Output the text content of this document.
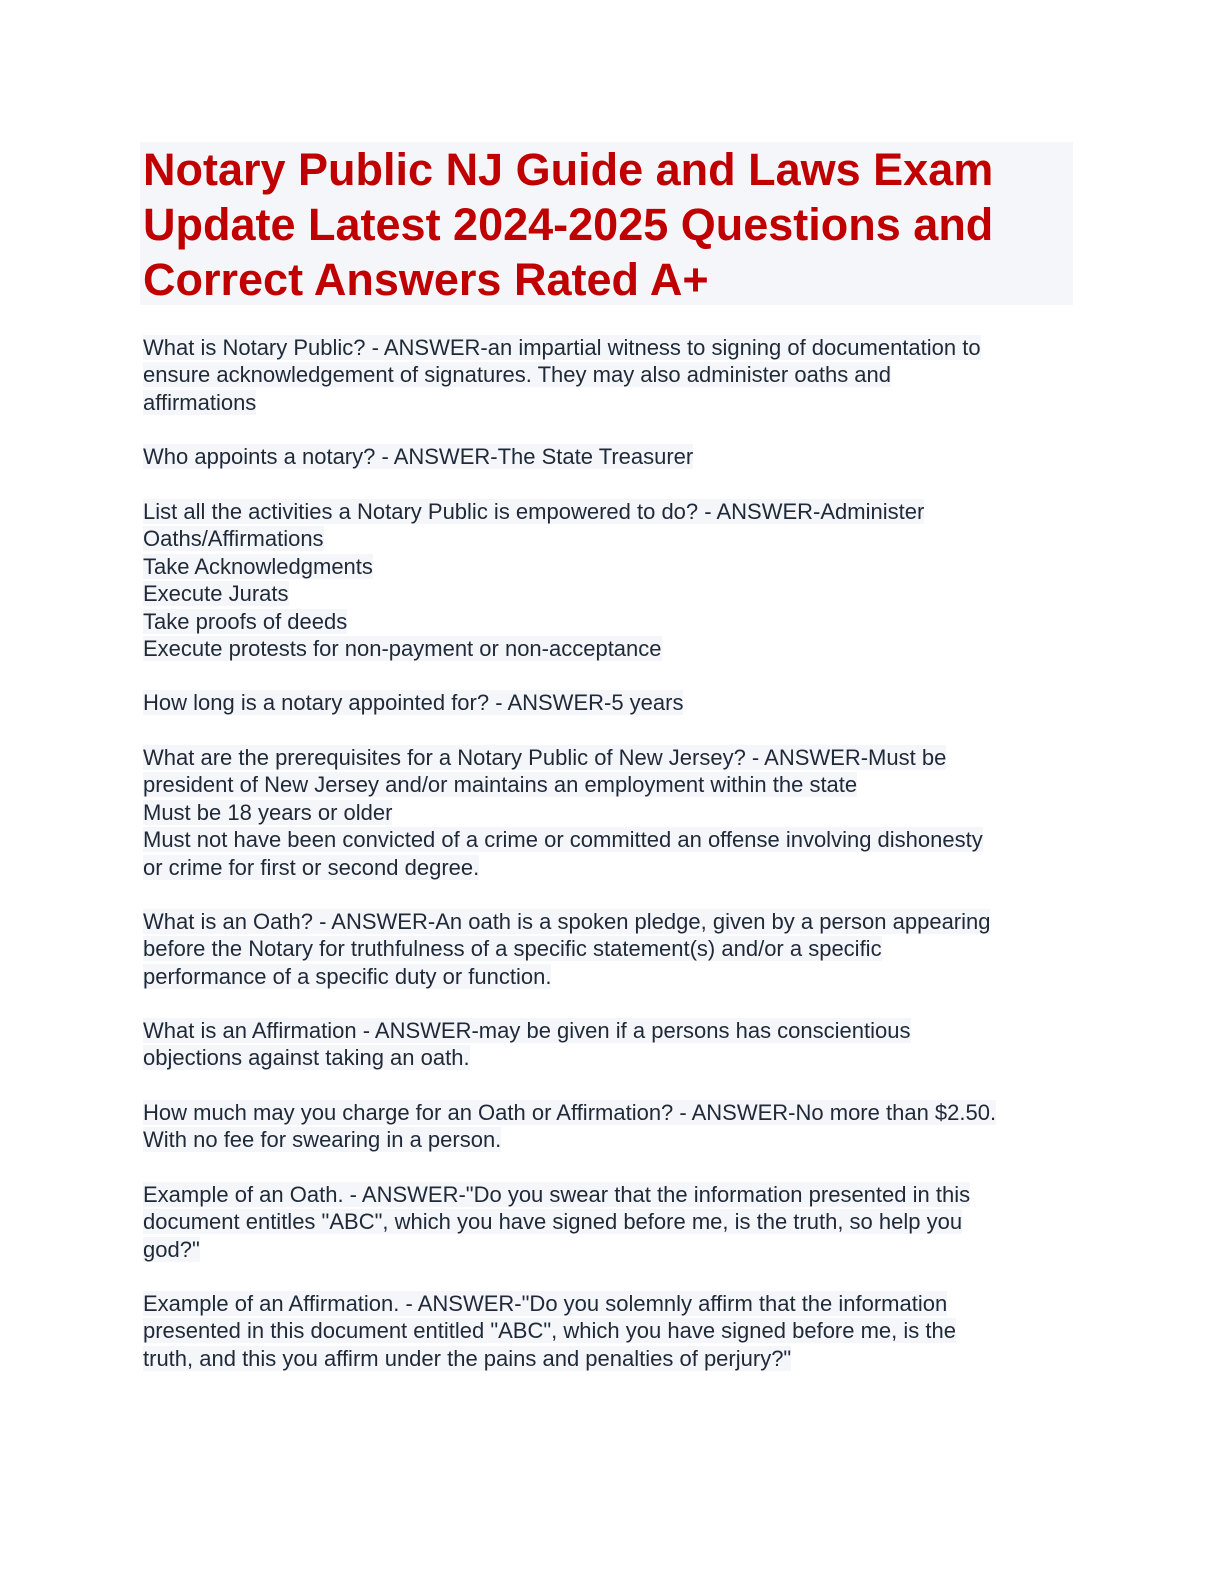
Notary Public NJ Guide and Laws Exam
Update Latest 2024-2025 Questions and
Correct Answers Rated A+
What is Notary Public? - ANSWER-an impartial witness to signing of documentation to
ensure acknowledgement of signatures. They may also administer oaths and
affirmations
Who appoints a notary? - ANSWER-The State Treasurer
List all the activities a Notary Public is empowered to do? - ANSWER-Administer
Oaths/Affirmations
Take Acknowledgments
Execute Jurats
Take proofs of deeds
Execute protests for non-payment or non-acceptance
How long is a notary appointed for? - ANSWER-5 years
What are the prerequisites for a Notary Public of New Jersey? - ANSWER-Must be
president of New Jersey and/or maintains an employment within the state
Must be 18 years or older
Must not have been convicted of a crime or committed an offense involving dishonesty
or crime for first or second degree.
What is an Oath? - ANSWER-An oath is a spoken pledge, given by a person appearing
before the Notary for truthfulness of a specific statement(s) and/or a specific
performance of a specific duty or function.
What is an Affirmation - ANSWER-may be given if a persons has conscientious
objections against taking an oath.
How much may you charge for an Oath or Affirmation? - ANSWER-No more than $2.50.
With no fee for swearing in a person.
Example of an Oath. - ANSWER-"Do you swear that the information presented in this
document entitles "ABC", which you have signed before me, is the truth, so help you
god?"
Example of an Affirmation. - ANSWER-"Do you solemnly affirm that the information
presented in this document entitled "ABC", which you have signed before me, is the
truth, and this you affirm under the pains and penalties of perjury?"
